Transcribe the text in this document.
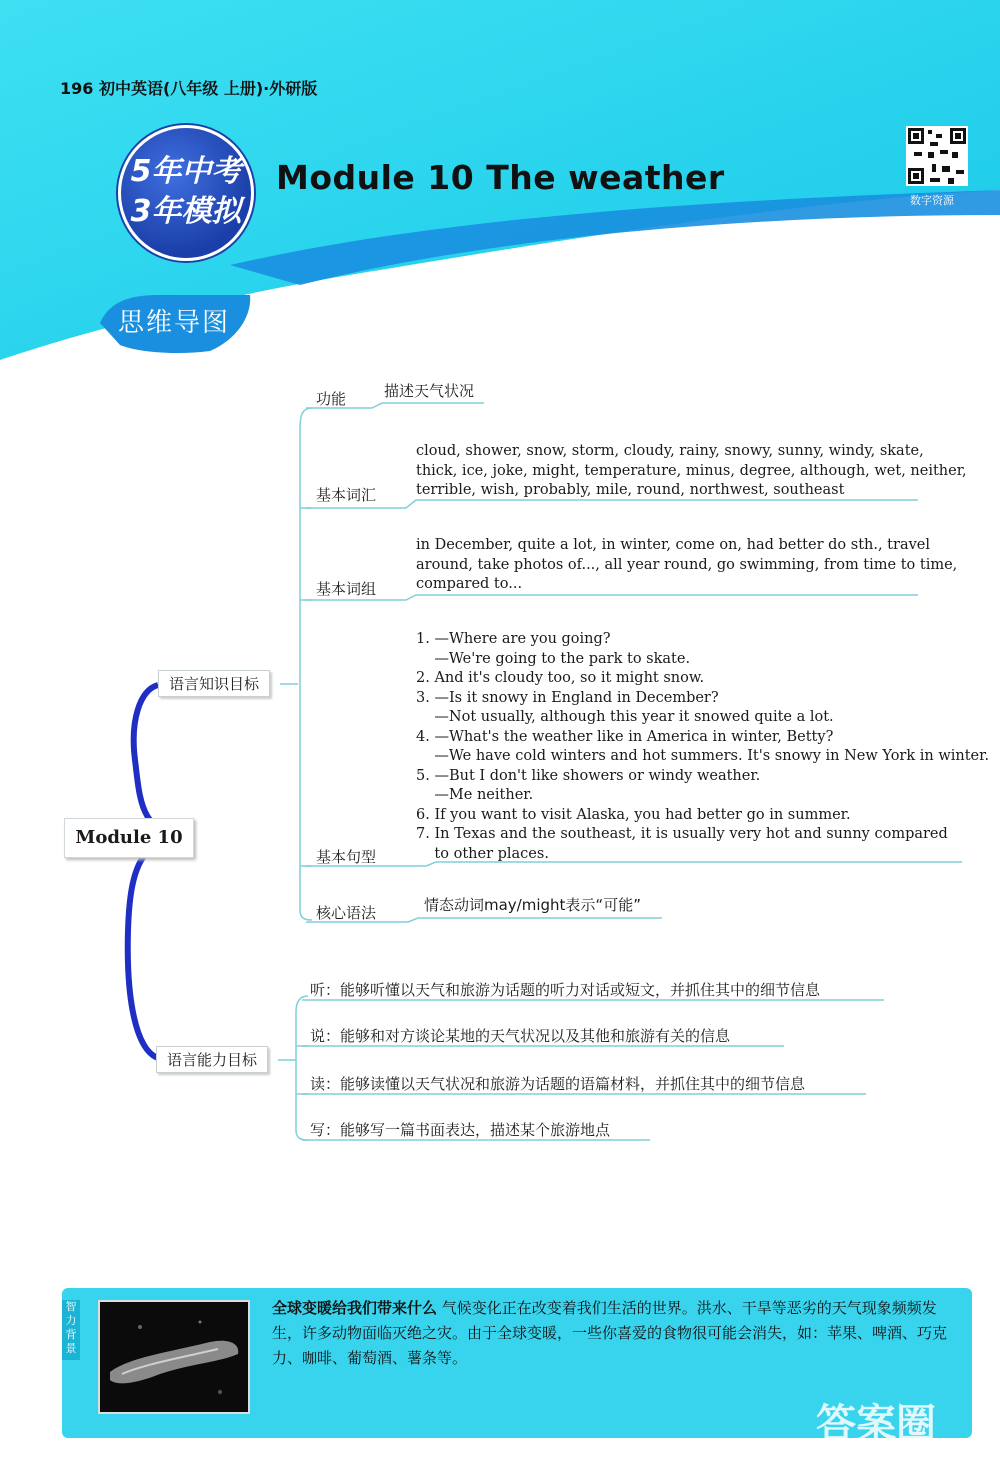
196 初中英语(八年级 上册)·外研版
5年中考
3年模拟
Module 10 The weather
数字资源
思维导图
Module 10
语言知识目标
语言能力目标
功能	描述天气状况
基本词汇
cloud, shower, snow, storm, cloudy, rainy, snowy, sunny, windy, skate,
thick, ice, joke, might, temperature, minus, degree, although, wet, neither,
terrible, wish, probably, mile, round, northwest, southeast
基本词组
in December, quite a lot, in winter, come on, had better do sth., travel
around, take photos of..., all year round, go swimming, from time to time,
compared to...
基本句型
1. —Where are you going?
—We're going to the park to skate.
2. And it's cloudy too, so it might snow.
3. —Is it snowy in England in December?
—Not usually, although this year it snowed quite a lot.
4. —What's the weather like in America in winter, Betty?
—We have cold winters and hot summers. It's snowy in New York in winter.
5. —But I don't like showers or windy weather.
—Me neither.
6. If you want to visit Alaska, you had better go in summer.
7. In Texas and the southeast, it is usually very hot and sunny compared
to other places.
核心语法	情态动词may/might表示“可能”
听：能够听懂以天气和旅游为话题的听力对话或短文，并抓住其中的细节信息
说：能够和对方谈论某地的天气状况以及其他和旅游有关的信息
读：能够读懂以天气状况和旅游为话题的语篇材料，并抓住其中的细节信息
写：能够写一篇书面表达，描述某个旅游地点
智力背景
全球变暖给我们带来什么 气候变化正在改变着我们生活的世界。洪水、干旱等恶劣的天气现象频频发生，许多动物面临灭绝之灾。由于全球变暖，一些你喜爱的食物很可能会消失，如：苹果、啤酒、巧克力、咖啡、葡萄酒、薯条等。
答案圈
MXQE.COM
